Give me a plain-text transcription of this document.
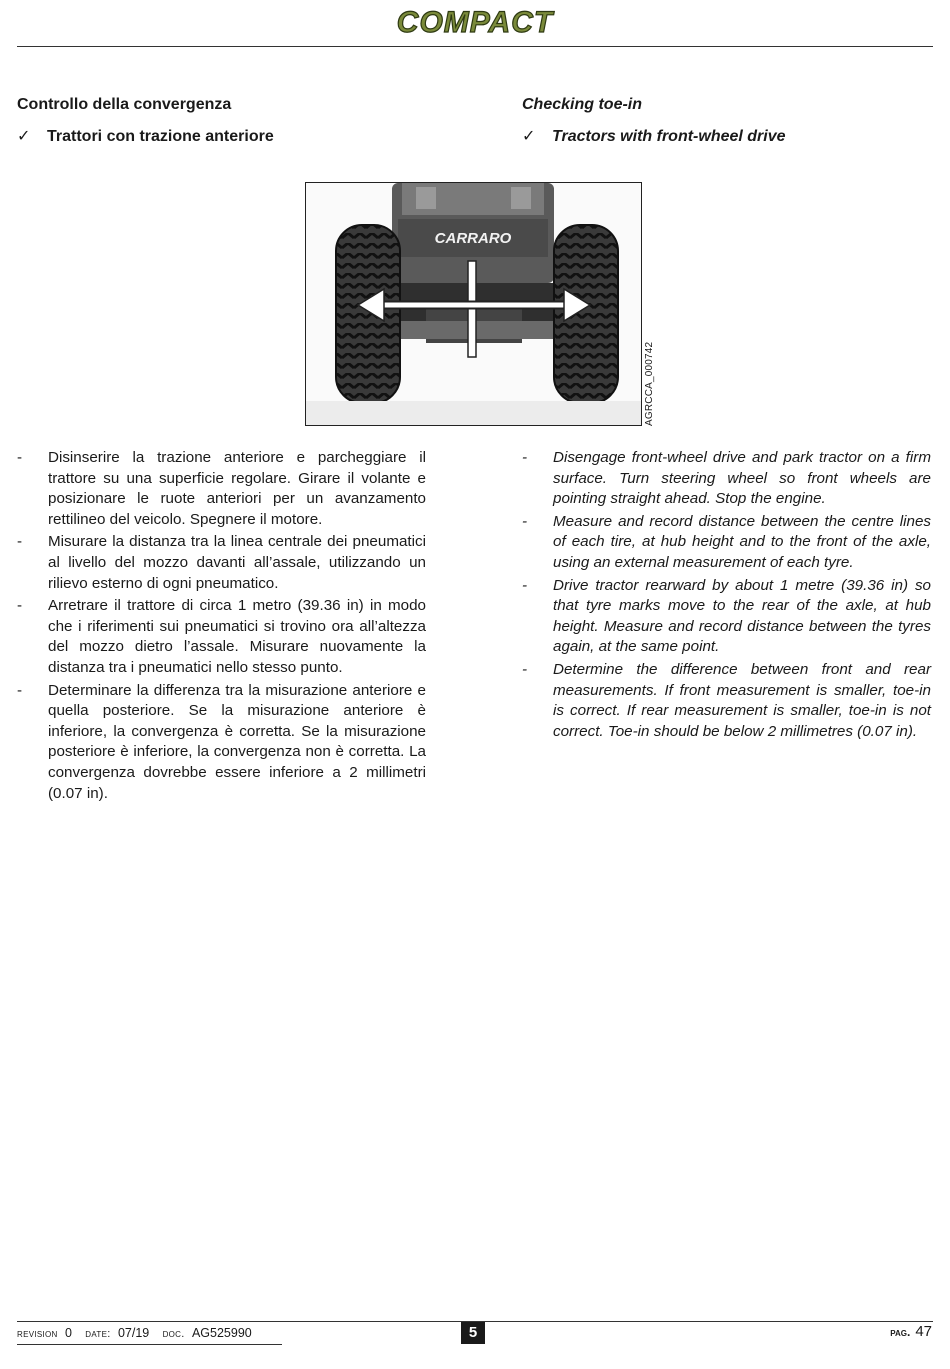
COMPACT
Controllo della convergenza
✓ Trattori con trazione anteriore
Checking toe-in
✓ Tractors with front-wheel drive
CARRARO
AGRCCA_000742
- Disinserire la trazione anteriore e parcheggiare il trattore su una superficie regolare. Girare il volante e posizionare le ruote anteriori per un avanzamento rettilineo del veicolo. Spegnere il motore.
- Misurare la distanza tra la linea centrale dei pneumatici al livello del mozzo davanti all’assale, utilizzando un rilievo esterno di ogni pneumatico.
- Arretrare il trattore di circa 1 metro (39.36 in) in modo che i riferimenti sui pneumatici si trovino ora all’altezza del mozzo dietro l’assale. Misurare nuovamente la distanza tra i pneumatici nello stesso punto.
- Determinare la differenza tra la misurazione anteriore e quella posteriore. Se la misurazione anteriore è inferiore, la convergenza è corretta. Se la misurazione posteriore è inferiore, la convergenza non è corretta. La convergenza dovrebbe essere inferiore a 2 millimetri (0.07 in).
- Disengage front-wheel drive and park tractor on a firm surface. Turn steering wheel so front wheels are pointing straight ahead. Stop the engine.
- Measure and record distance between the centre lines of each tire, at hub height and to the front of the axle, using an external measurement of each tyre.
- Drive tractor rearward by about 1 metre (39.36 in) so that tyre marks move to the rear of the axle, at hub height. Measure and record distance between the tyres again, at the same point.
- Determine the difference between front and rear measurements. If front measurement is smaller, toe-in is correct. If rear measurement is smaller, toe-in is not correct. Toe-in should be below 2 millimetres (0.07 in).
revision 0 date: 07/19 doc. AG525990	5	pag. 47
